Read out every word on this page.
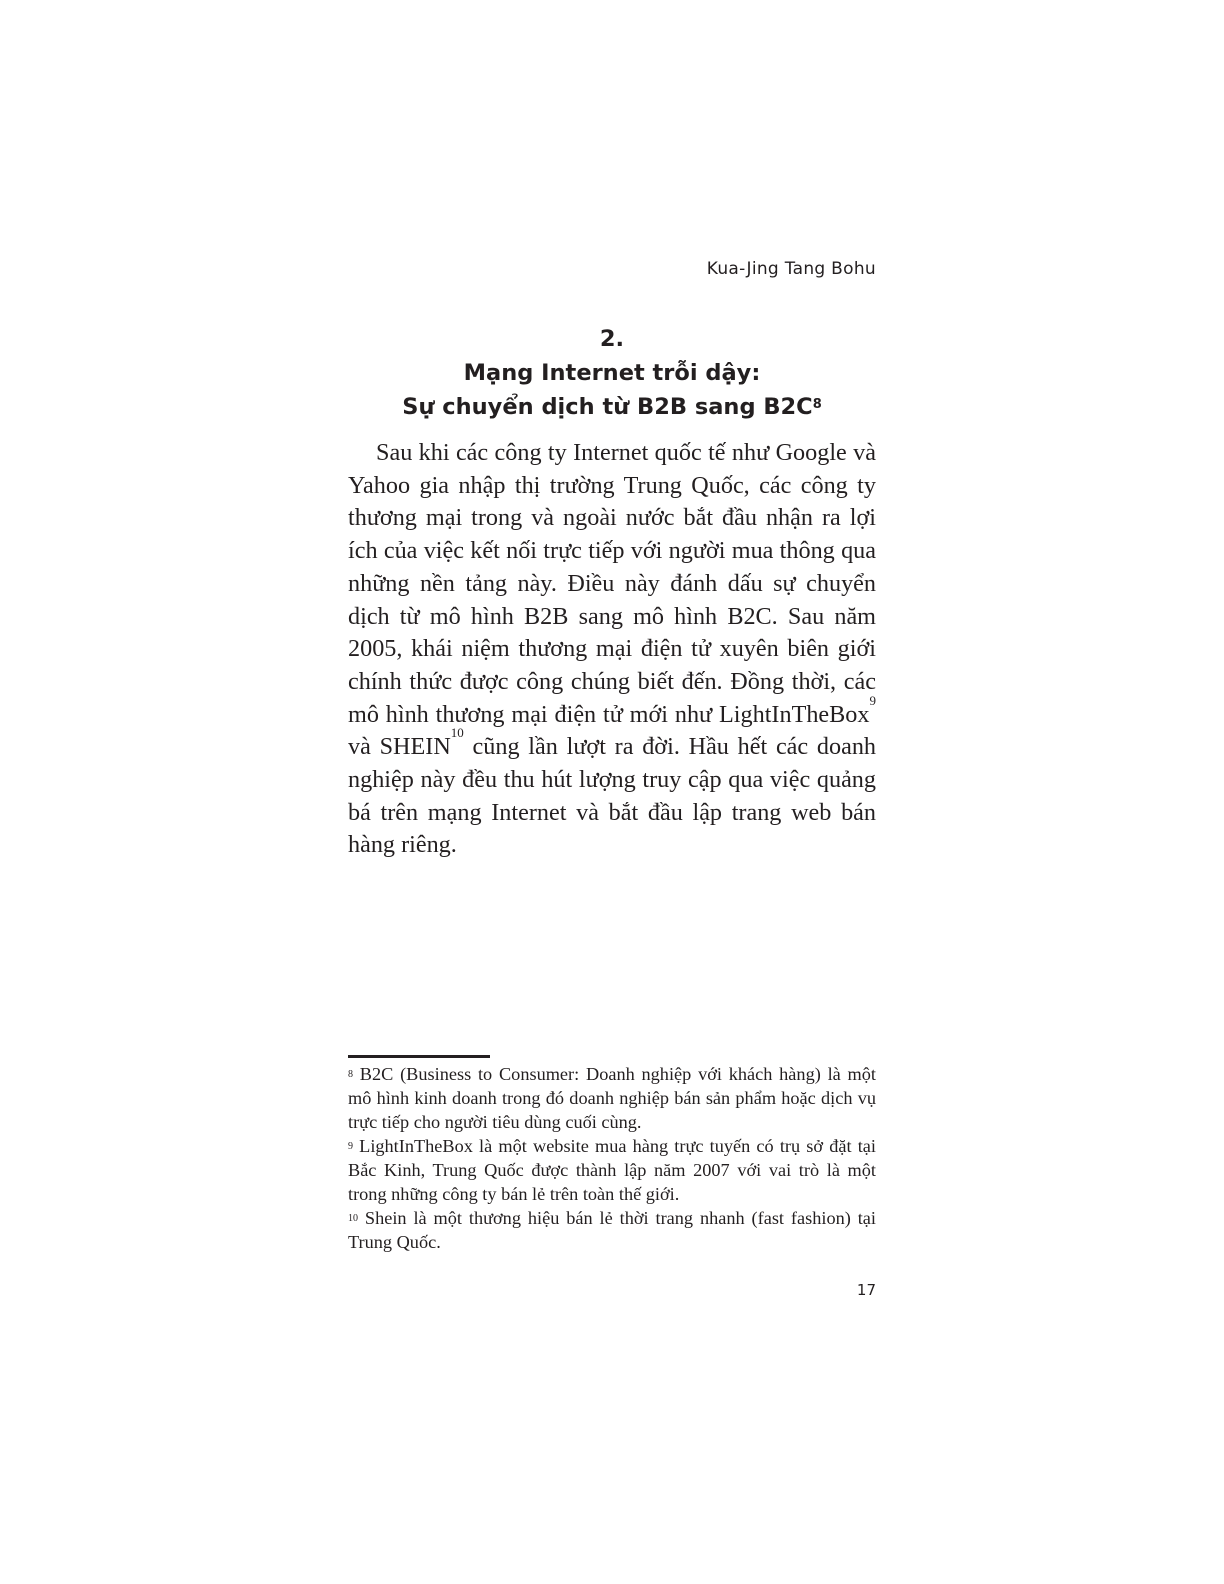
Kua-Jing Tang Bohu
2.
Mạng Internet trỗi dậy:
Sự chuyển dịch từ B2B sang $B2C^8$

Sau khi các công ty Internet quốc tế như Google và Yahoo gia nhập thị trường Trung Quốc, các công ty thương mại trong và ngoài nước bắt đầu nhận ra lợi ích của việc kết nối trực tiếp với người mua thông qua những nền tảng này. Điều này đánh dấu sự chuyển dịch từ mô hình B2B sang mô hình B2C. Sau năm 2005, khái niệm thương mại điện tử xuyên biên giới chính thức được công chúng biết đến. Đồng thời, các mô hình thương mại điện tử mới như LightInTheBox$^9$ và SHEIN$^{10}$ cũng lần lượt ra đời. Hầu hết các doanh nghiệp này đều thu hút lượng truy cập qua việc quảng bá trên mạng Internet và bắt đầu lập trang web bán hàng riêng.

$^8$ B2C (Business to Consumer: Doanh nghiệp với khách hàng) là một mô hình kinh doanh trong đó doanh nghiệp bán sản phẩm hoặc dịch vụ trực tiếp cho người tiêu dùng cuối cùng.

$^9$ LightInTheBox là một website mua hàng trực tuyến có trụ sở đặt tại Bắc Kinh, Trung Quốc được thành lập năm 2007 với vai trò là một trong những công ty bán lẻ trên toàn thế giới.

$^{10}$ Shein là một thương hiệu bán lẻ thời trang nhanh (fast fashion) tại Trung Quốc.

17
